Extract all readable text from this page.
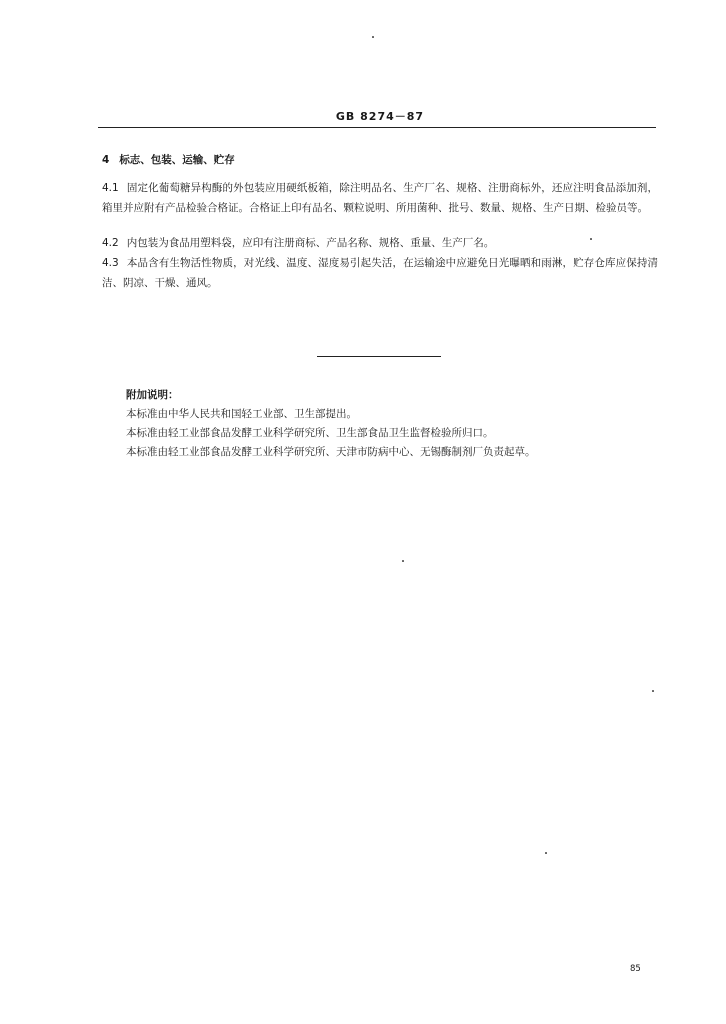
GB 8274－87
4 标志、包装、运输、贮存
4.1 固定化葡萄糖异构酶的外包装应用硬纸板箱，除注明品名、生产厂名、规格、注册商标外，还应注明食品添加剂，箱里并应附有产品检验合格证。合格证上印有品名、颗粒说明、所用菌种、批号、数量、规格、生产日期、检验员等。
4.2 内包装为食品用塑料袋，应印有注册商标、产品名称、规格、重量、生产厂名。
4.3 本品含有生物活性物质，对光线、温度、湿度易引起失活，在运输途中应避免日光曝晒和雨淋，贮存仓库应保持清洁、阴凉、干燥、通风。
附加说明：
本标准由中华人民共和国轻工业部、卫生部提出。
本标准由轻工业部食品发酵工业科学研究所、卫生部食品卫生监督检验所归口。
本标准由轻工业部食品发酵工业科学研究所、天津市防病中心、无锡酶制剂厂负责起草。
85
